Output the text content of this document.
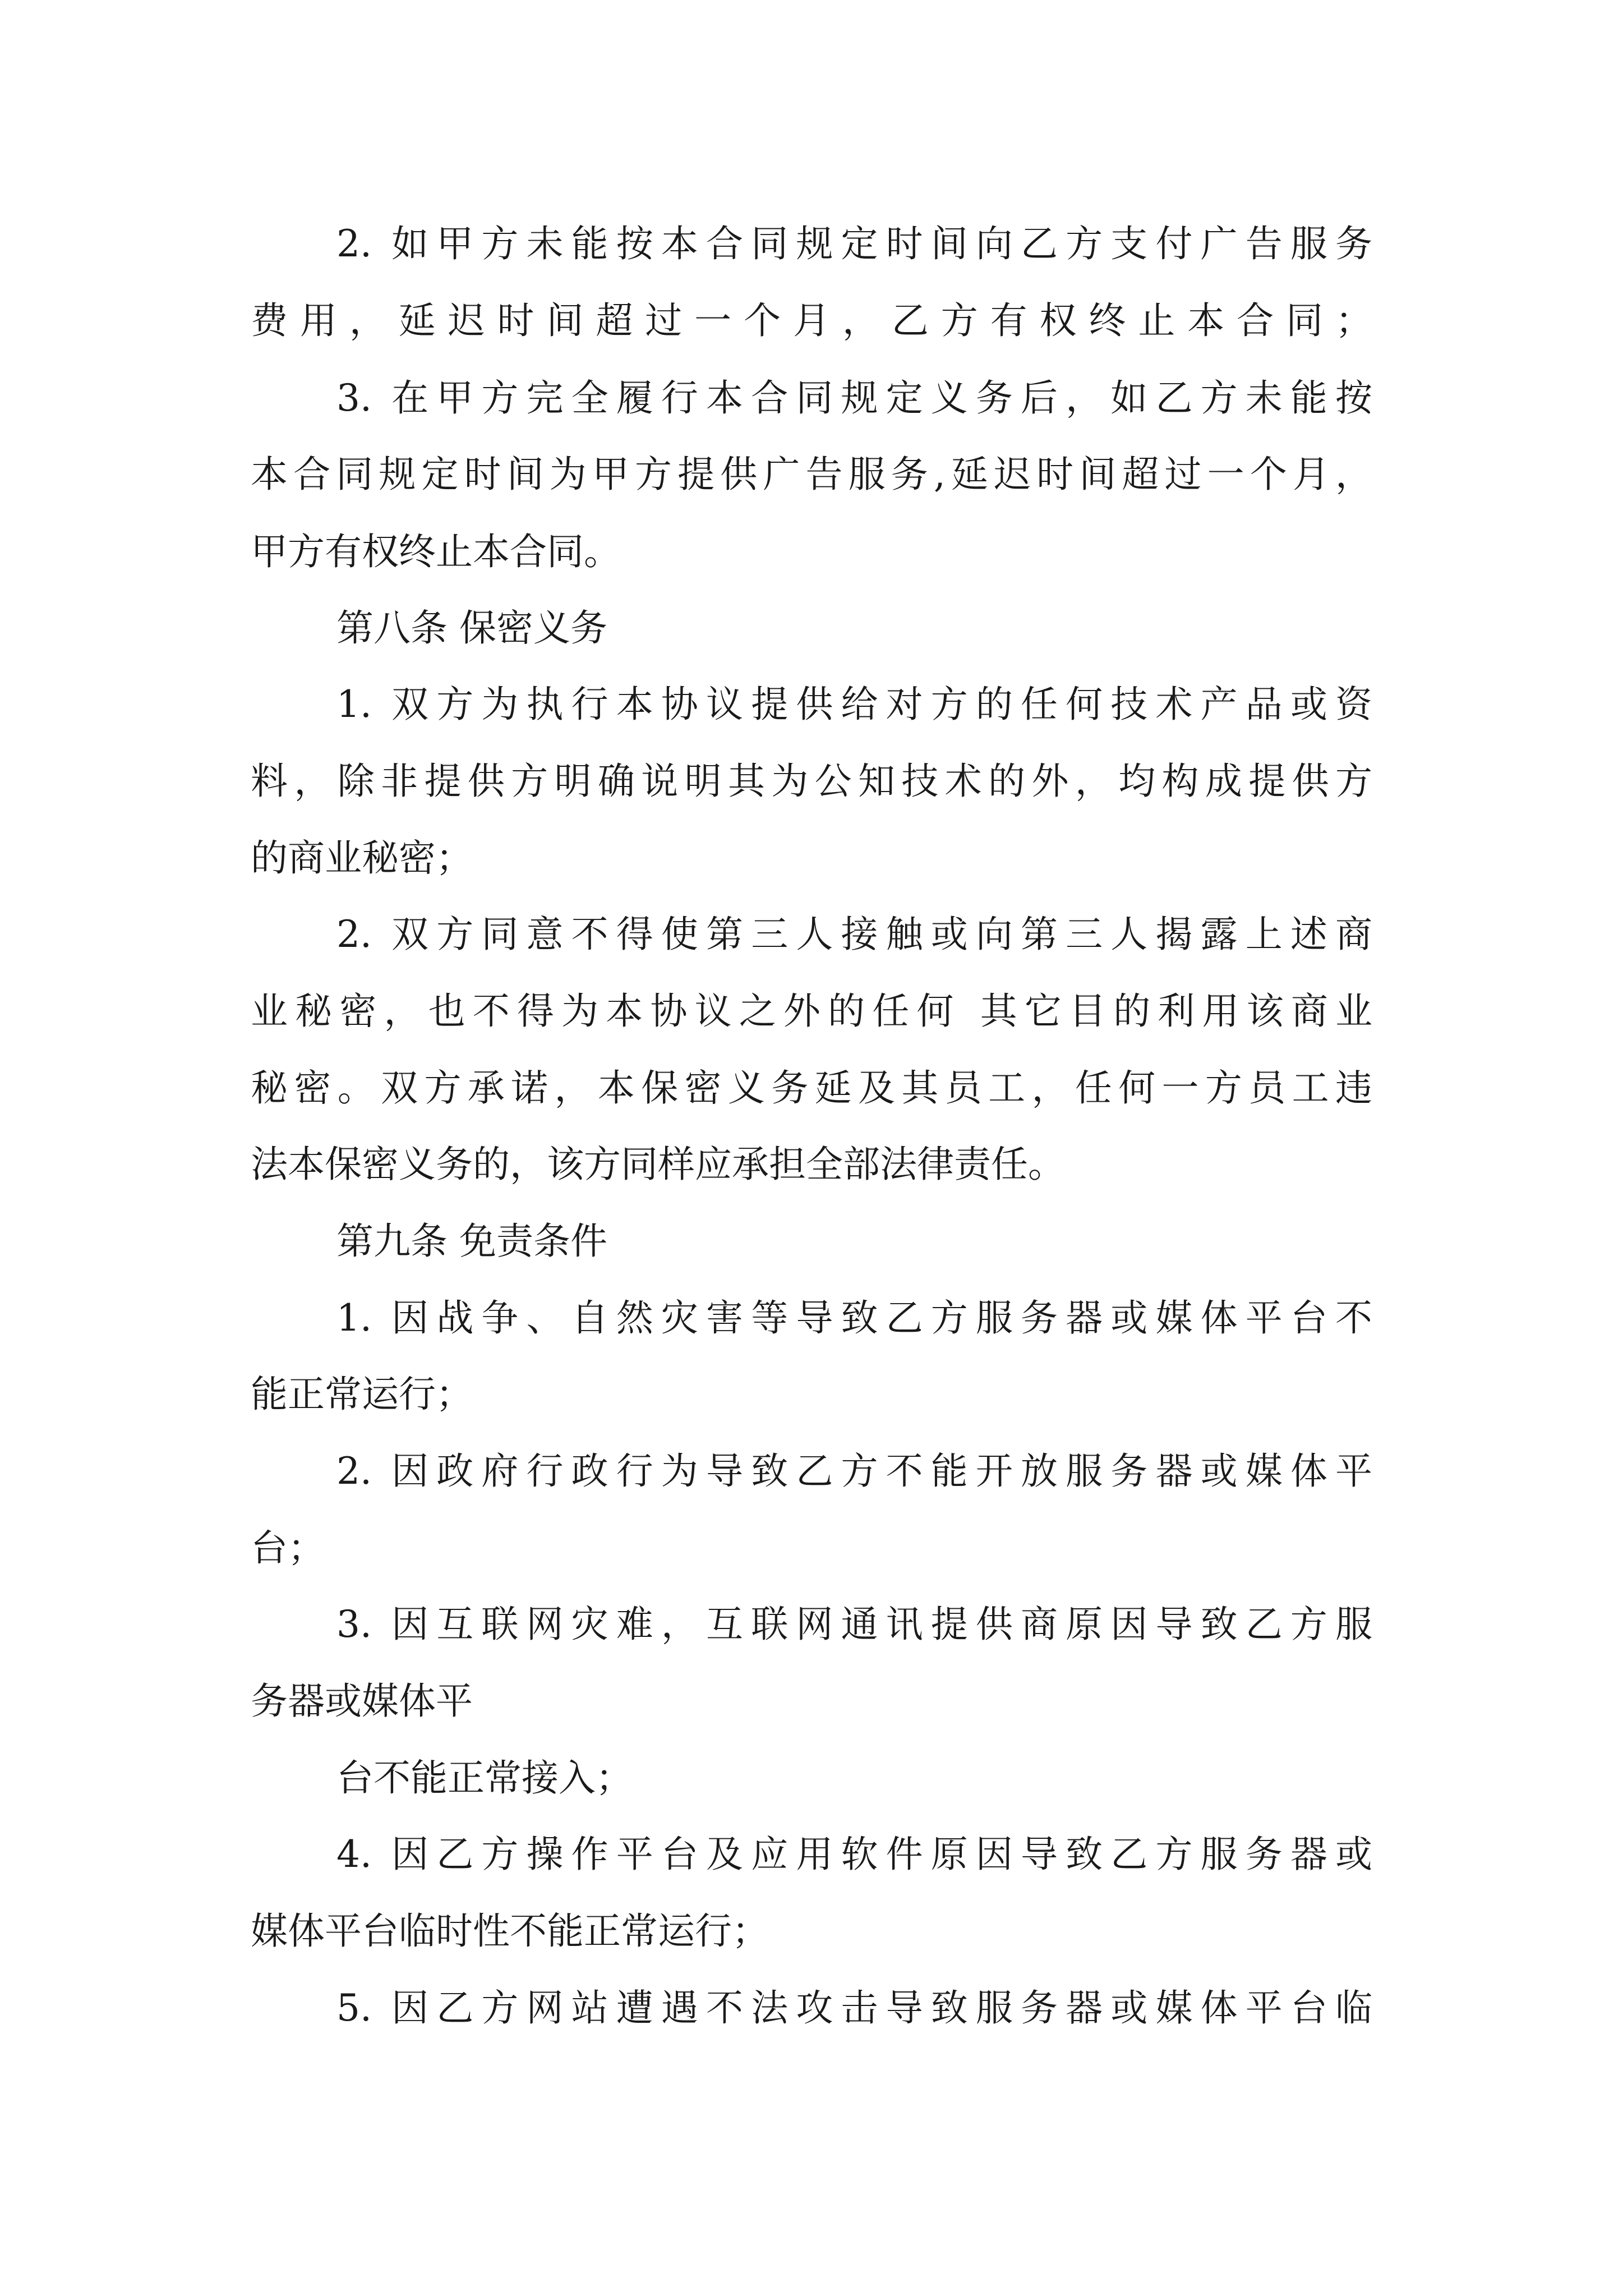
2. 如甲方未能按本合同规定时间向乙方支付广告服务

费用，延迟时间超过一个月，乙方有权终止本合同；

3. 在甲方完全履行本合同规定义务后，如乙方未能按

本合同规定时间为甲方提供广告服务,延迟时间超过一个月，

甲方有权终止本合同。

第八条 保密义务

1. 双方为执行本协议提供给对方的任何技术产品或资

料，除非提供方明确说明其为公知技术的外，均构成提供方

的商业秘密；

2. 双方同意不得使第三人接触或向第三人揭露上述商

业秘密，也不得为本协议之外的任何 其它目的利用该商业

秘密。双方承诺，本保密义务延及其员工，任何一方员工违

法本保密义务的，该方同样应承担全部法律责任。

第九条 免责条件

1. 因战争、自然灾害等导致乙方服务器或媒体平台不

能正常运行；

2. 因政府行政行为导致乙方不能开放服务器或媒体平

台；

3. 因互联网灾难，互联网通讯提供商原因导致乙方服

务器或媒体平

台不能正常接入；

4. 因乙方操作平台及应用软件原因导致乙方服务器或

媒体平台临时性不能正常运行；

5. 因乙方网站遭遇不法攻击导致服务器或媒体平台临
